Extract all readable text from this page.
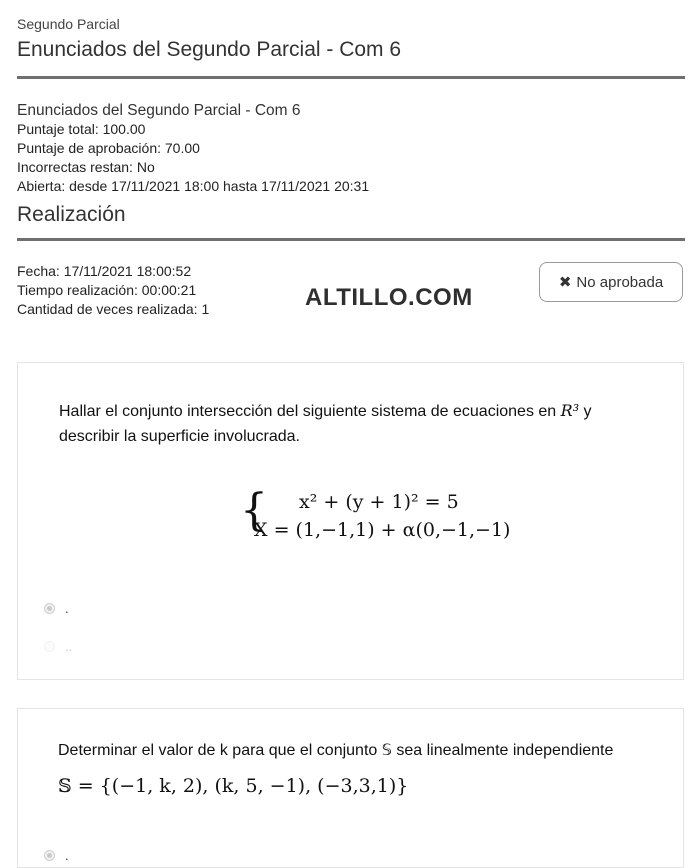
Segundo Parcial
Enunciados del Segundo Parcial - Com 6
Enunciados del Segundo Parcial - Com 6
Puntaje total: 100.00
Puntaje de aprobación: 70.00
Incorrectas restan: No
Abierta: desde 17/11/2021 18:00 hasta 17/11/2021 20:31
Realización
Fecha: 17/11/2021 18:00:52
Tiempo realización: 00:00:21
Cantidad de veces realizada: 1	ALTILLO.COM
✖ No aprobada
Hallar el conjunto intersección del siguiente sistema de ecuaciones en R³ y
describir la superficie involucrada.
{ x² + (y + 1)² = 5
X = (1,−1,1) + α(0,−1,−1)
.
..
Determinar el valor de k para que el conjunto 𝕊 sea linealmente independiente
𝕊 = {(−1, k, 2), (k, 5, −1), (−3,3,1)}
.
